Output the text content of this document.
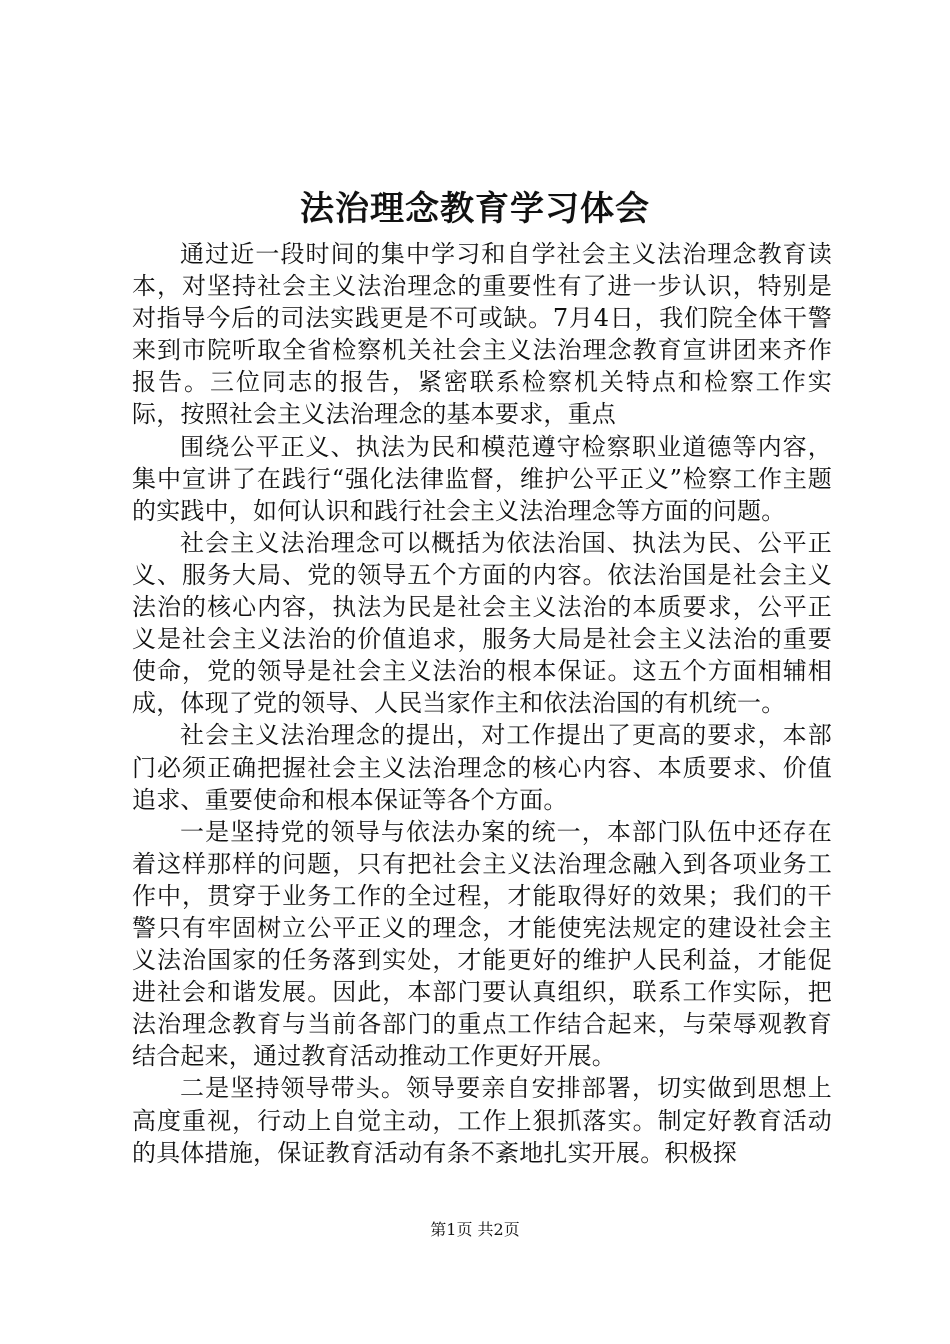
法治理念教育学习体会

通过近一段时间的集中学习和自学社会主义法治理念教育读本，对坚持社会主义法治理念的重要性有了进一步认识，特别是对指导今后的司法实践更是不可或缺。7月4日，我们院全体干警来到市院听取全省检察机关社会主义法治理念教育宣讲团来齐作报告。三位同志的报告，紧密联系检察机关特点和检察工作实际，按照社会主义法治理念的基本要求，重点

围绕公平正义、执法为民和模范遵守检察职业道德等内容，集中宣讲了在践行“强化法律监督，维护公平正义”检察工作主题的实践中，如何认识和践行社会主义法治理念等方面的问题。

社会主义法治理念可以概括为依法治国、执法为民、公平正义、服务大局、党的领导五个方面的内容。依法治国是社会主义法治的核心内容，执法为民是社会主义法治的本质要求，公平正义是社会主义法治的价值追求，服务大局是社会主义法治的重要使命，党的领导是社会主义法治的根本保证。这五个方面相辅相成，体现了党的领导、人民当家作主和依法治国的有机统一。

社会主义法治理念的提出，对工作提出了更高的要求，本部门必须正确把握社会主义法治理念的核心内容、本质要求、价值追求、重要使命和根本保证等各个方面。

一是坚持党的领导与依法办案的统一，本部门队伍中还存在着这样那样的问题，只有把社会主义法治理念融入到各项业务工作中，贯穿于业务工作的全过程，才能取得好的效果；我们的干警只有牢固树立公平正义的理念，才能使宪法规定的建设社会主义法治国家的任务落到实处，才能更好的维护人民利益，才能促进社会和谐发展。因此，本部门要认真组织，联系工作实际，把法治理念教育与当前各部门的重点工作结合起来，与荣辱观教育结合起来，通过教育活动推动工作更好开展。

二是坚持领导带头。领导要亲自安排部署，切实做到思想上高度重视，行动上自觉主动，工作上狠抓落实。制定好教育活动的具体措施，保证教育活动有条不紊地扎实开展。积极探

第1页 共2页
